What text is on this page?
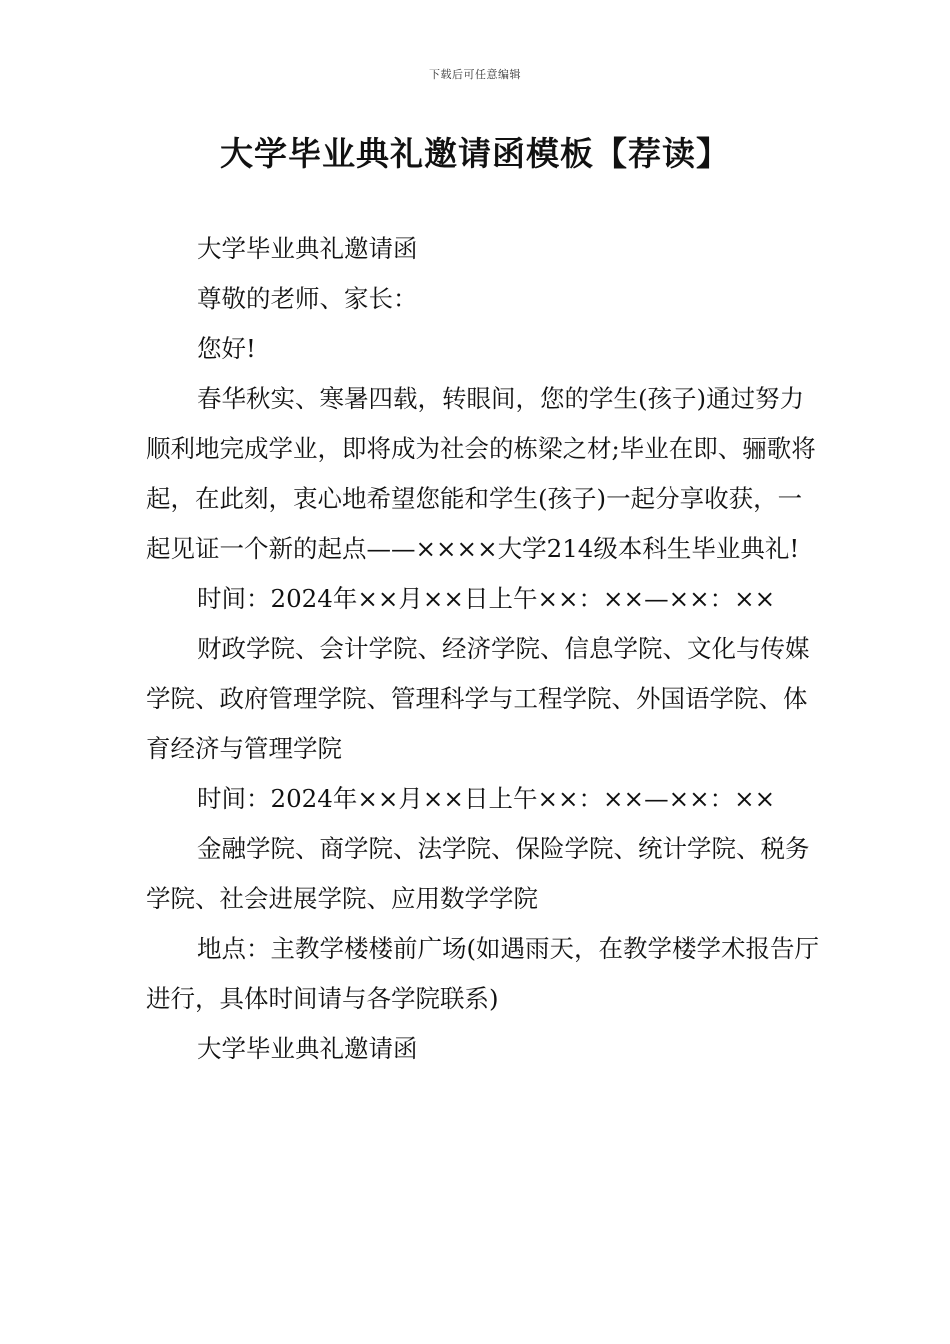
下载后可任意编辑
大学毕业典礼邀请函模板【荐读】

大学毕业典礼邀请函

尊敬的老师、家长：

您好!

春华秋实、寒暑四载，转眼间，您的学生(孩子)通过努力顺利地完成学业，即将成为社会的栋梁之材;毕业在即、骊歌将起，在此刻，衷心地希望您能和学生(孩子)一起分享收获，一起见证一个新的起点——××××大学214级本科生毕业典礼!

时间：2024年××月××日上午××：××—××：××

财政学院、会计学院、经济学院、信息学院、文化与传媒学院、政府管理学院、管理科学与工程学院、外国语学院、体育经济与管理学院

时间：2024年××月××日上午××：××—××：××

金融学院、商学院、法学院、保险学院、统计学院、税务学院、社会进展学院、应用数学学院

地点：主教学楼楼前广场(如遇雨天，在教学楼学术报告厅进行，具体时间请与各学院联系)

大学毕业典礼邀请函
